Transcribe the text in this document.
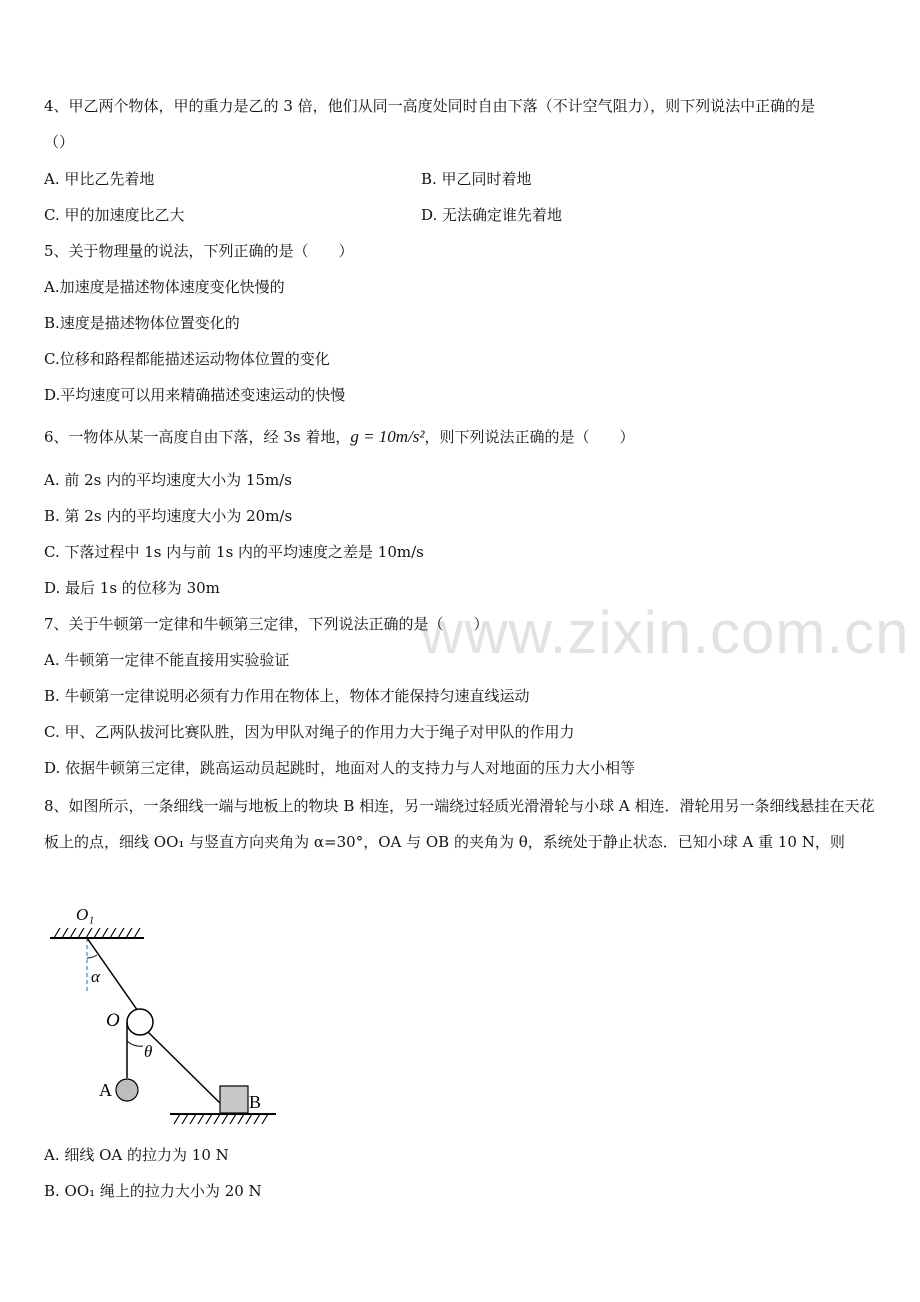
www.zixin.com.cn
4、甲乙两个物体，甲的重力是乙的 3 倍，他们从同一高度处同时自由下落（不计空气阻力），则下列说法中正确的是
（）
A. 甲比乙先着地	B. 甲乙同时着地
C. 甲的加速度比乙大	D. 无法确定谁先着地
5、关于物理量的说法，下列正确的是（　　）
A.加速度是描述物体速度变化快慢的
B.速度是描述物体位置变化的
C.位移和路程都能描述运动物体位置的变化
D.平均速度可以用来精确描述变速运动的快慢
6、一物体从某一高度自由下落，经 3s 着地，g = 10m/s²，则下列说法正确的是（　　）
A. 前 2s 内的平均速度大小为 15m/s
B. 第 2s 内的平均速度大小为 20m/s
C. 下落过程中 1s 内与前 1s 内的平均速度之差是 10m/s
D. 最后 1s 的位移为 30m
7、关于牛顿第一定律和牛顿第三定律，下列说法正确的是（　　）
A. 牛顿第一定律不能直接用实验验证
B. 牛顿第一定律说明必须有力作用在物体上，物体才能保持匀速直线运动
C. 甲、乙两队拔河比赛队胜，因为甲队对绳子的作用力大于绳子对甲队的作用力
D. 依据牛顿第三定律，跳高运动员起跳时，地面对人的支持力与人对地面的压力大小相等
8、如图所示，一条细线一端与地板上的物块 B 相连，另一端绕过轻质光滑滑轮与小球 A 相连．滑轮用另一条细线悬挂在天花板上的点，细线 OO₁ 与竖直方向夹角为 α=30°，OA 与 OB 的夹角为 θ，系统处于静止状态．已知小球 A 重 10 N，则
O₁
α
O
θ
A
B
A. 细线 OA 的拉力为 10 N
B. OO₁ 绳上的拉力大小为 20 N
